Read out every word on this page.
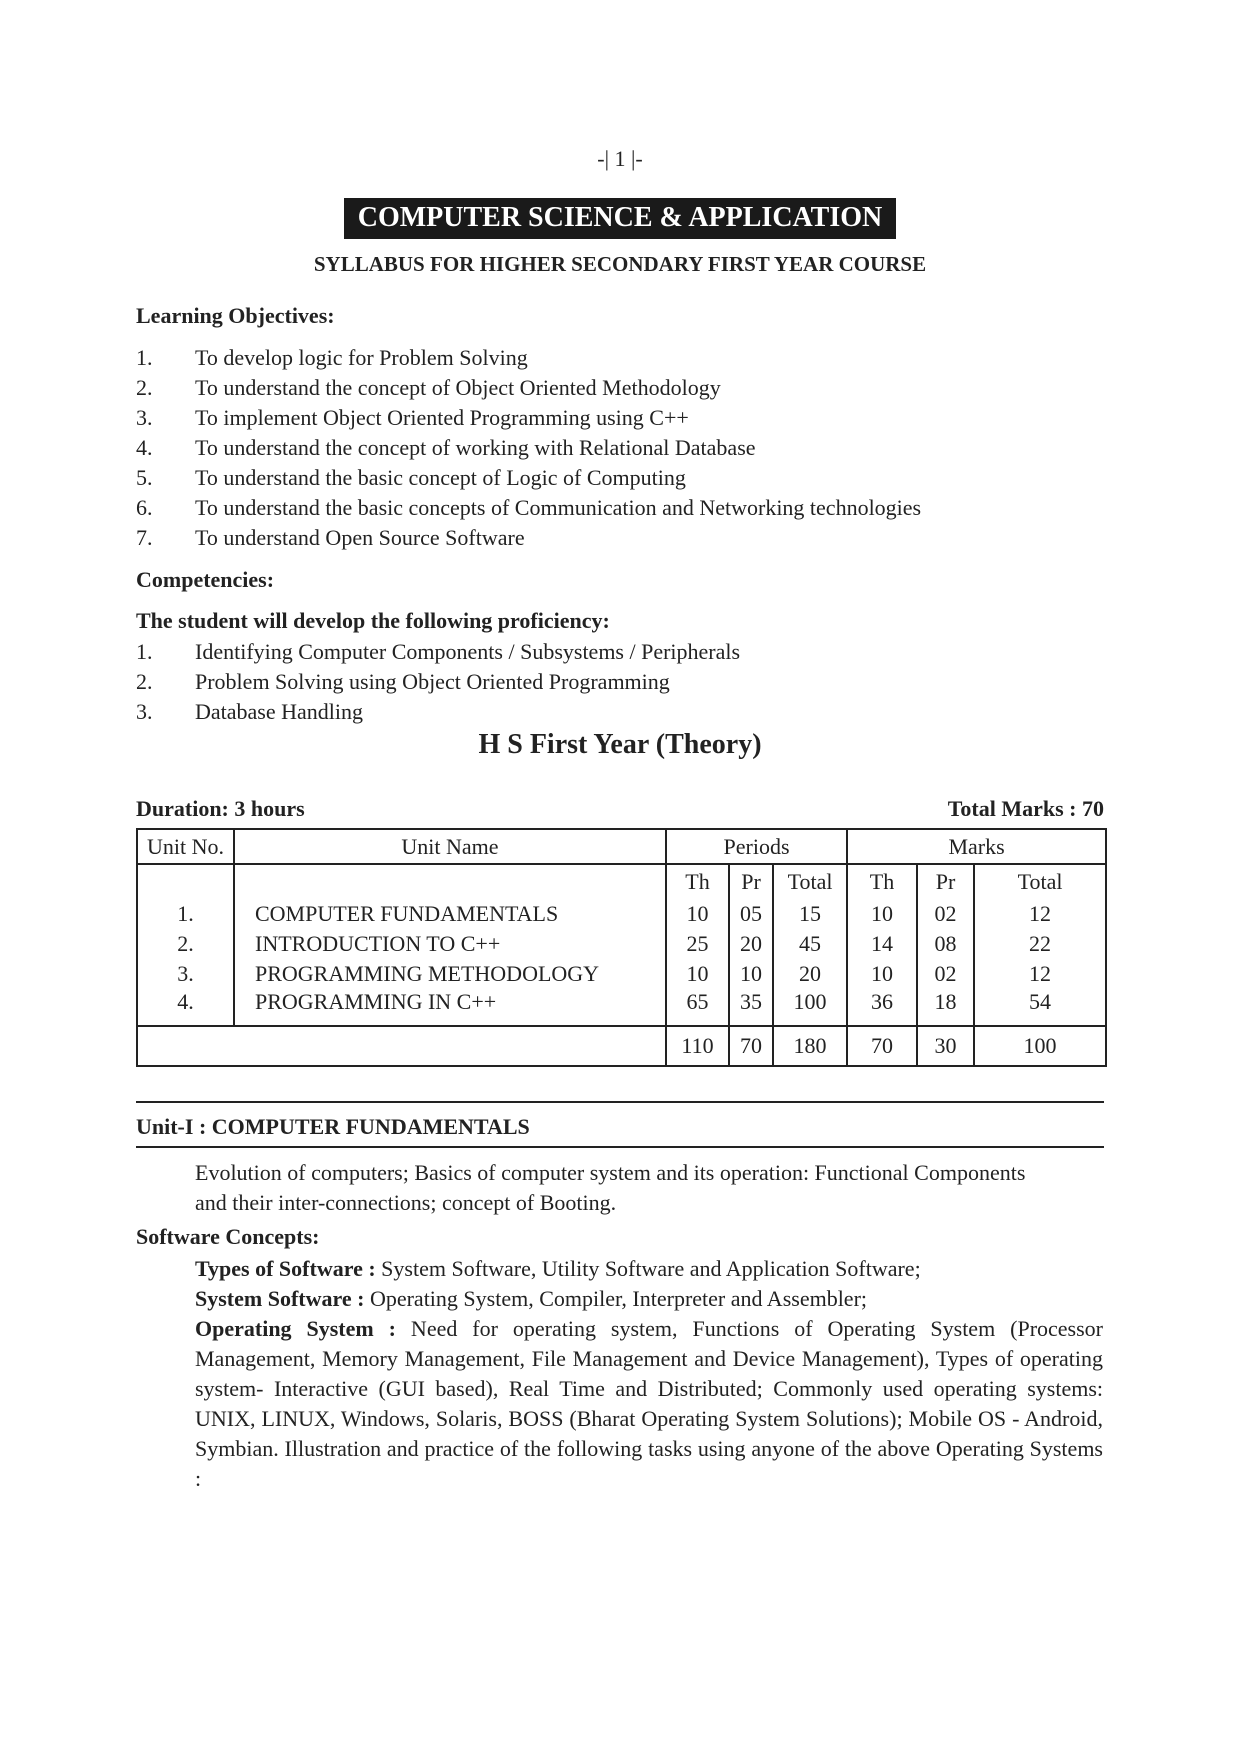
-| 1 |-
COMPUTER SCIENCE & APPLICATION
SYLLABUS FOR HIGHER SECONDARY FIRST YEAR COURSE
Learning Objectives:
1. To develop logic for Problem Solving
2. To understand the concept of Object Oriented Methodology
3. To implement Object Oriented Programming using C++
4. To understand the concept of working with Relational Database
5. To understand the basic concept of Logic of Computing
6. To understand the basic concepts of Communication and Networking technologies
7. To understand Open Source Software
Competencies:
The student will develop the following proficiency:
1. Identifying Computer Components / Subsystems / Peripherals
2. Problem Solving using Object Oriented Programming
3. Database Handling
H S First Year (Theory)
Duration: 3 hours	Total Marks : 70
Unit No.	Unit Name	Periods			Marks		
		Th	Pr	Total	Th	Pr	Total
1.	COMPUTER FUNDAMENTALS	10	05	15	10	02	12
2.	INTRODUCTION TO C++	25	20	45	14	08	22
3.	PROGRAMMING METHODOLOGY	10	10	20	10	02	12
4.	PROGRAMMING IN C++	65	35	100	36	18	54
		110	70	180	70	30	100
Unit-I : COMPUTER FUNDAMENTALS
Evolution of computers; Basics of computer system and its operation: Functional Components
and their inter-connections; concept of Booting.
Software Concepts:
Types of Software : System Software, Utility Software and Application Software;
System Software : Operating System, Compiler, Interpreter and Assembler;
Operating System : Need for operating system, Functions of Operating System (Processor Management, Memory Management, File Management and Device Management), Types of operating system- Interactive (GUI based), Real Time and Distributed; Commonly used operating systems: UNIX, LINUX, Windows, Solaris, BOSS (Bharat Operating System Solutions); Mobile OS - Android, Symbian. Illustration and practice of the following tasks using anyone of the above Operating Systems :
